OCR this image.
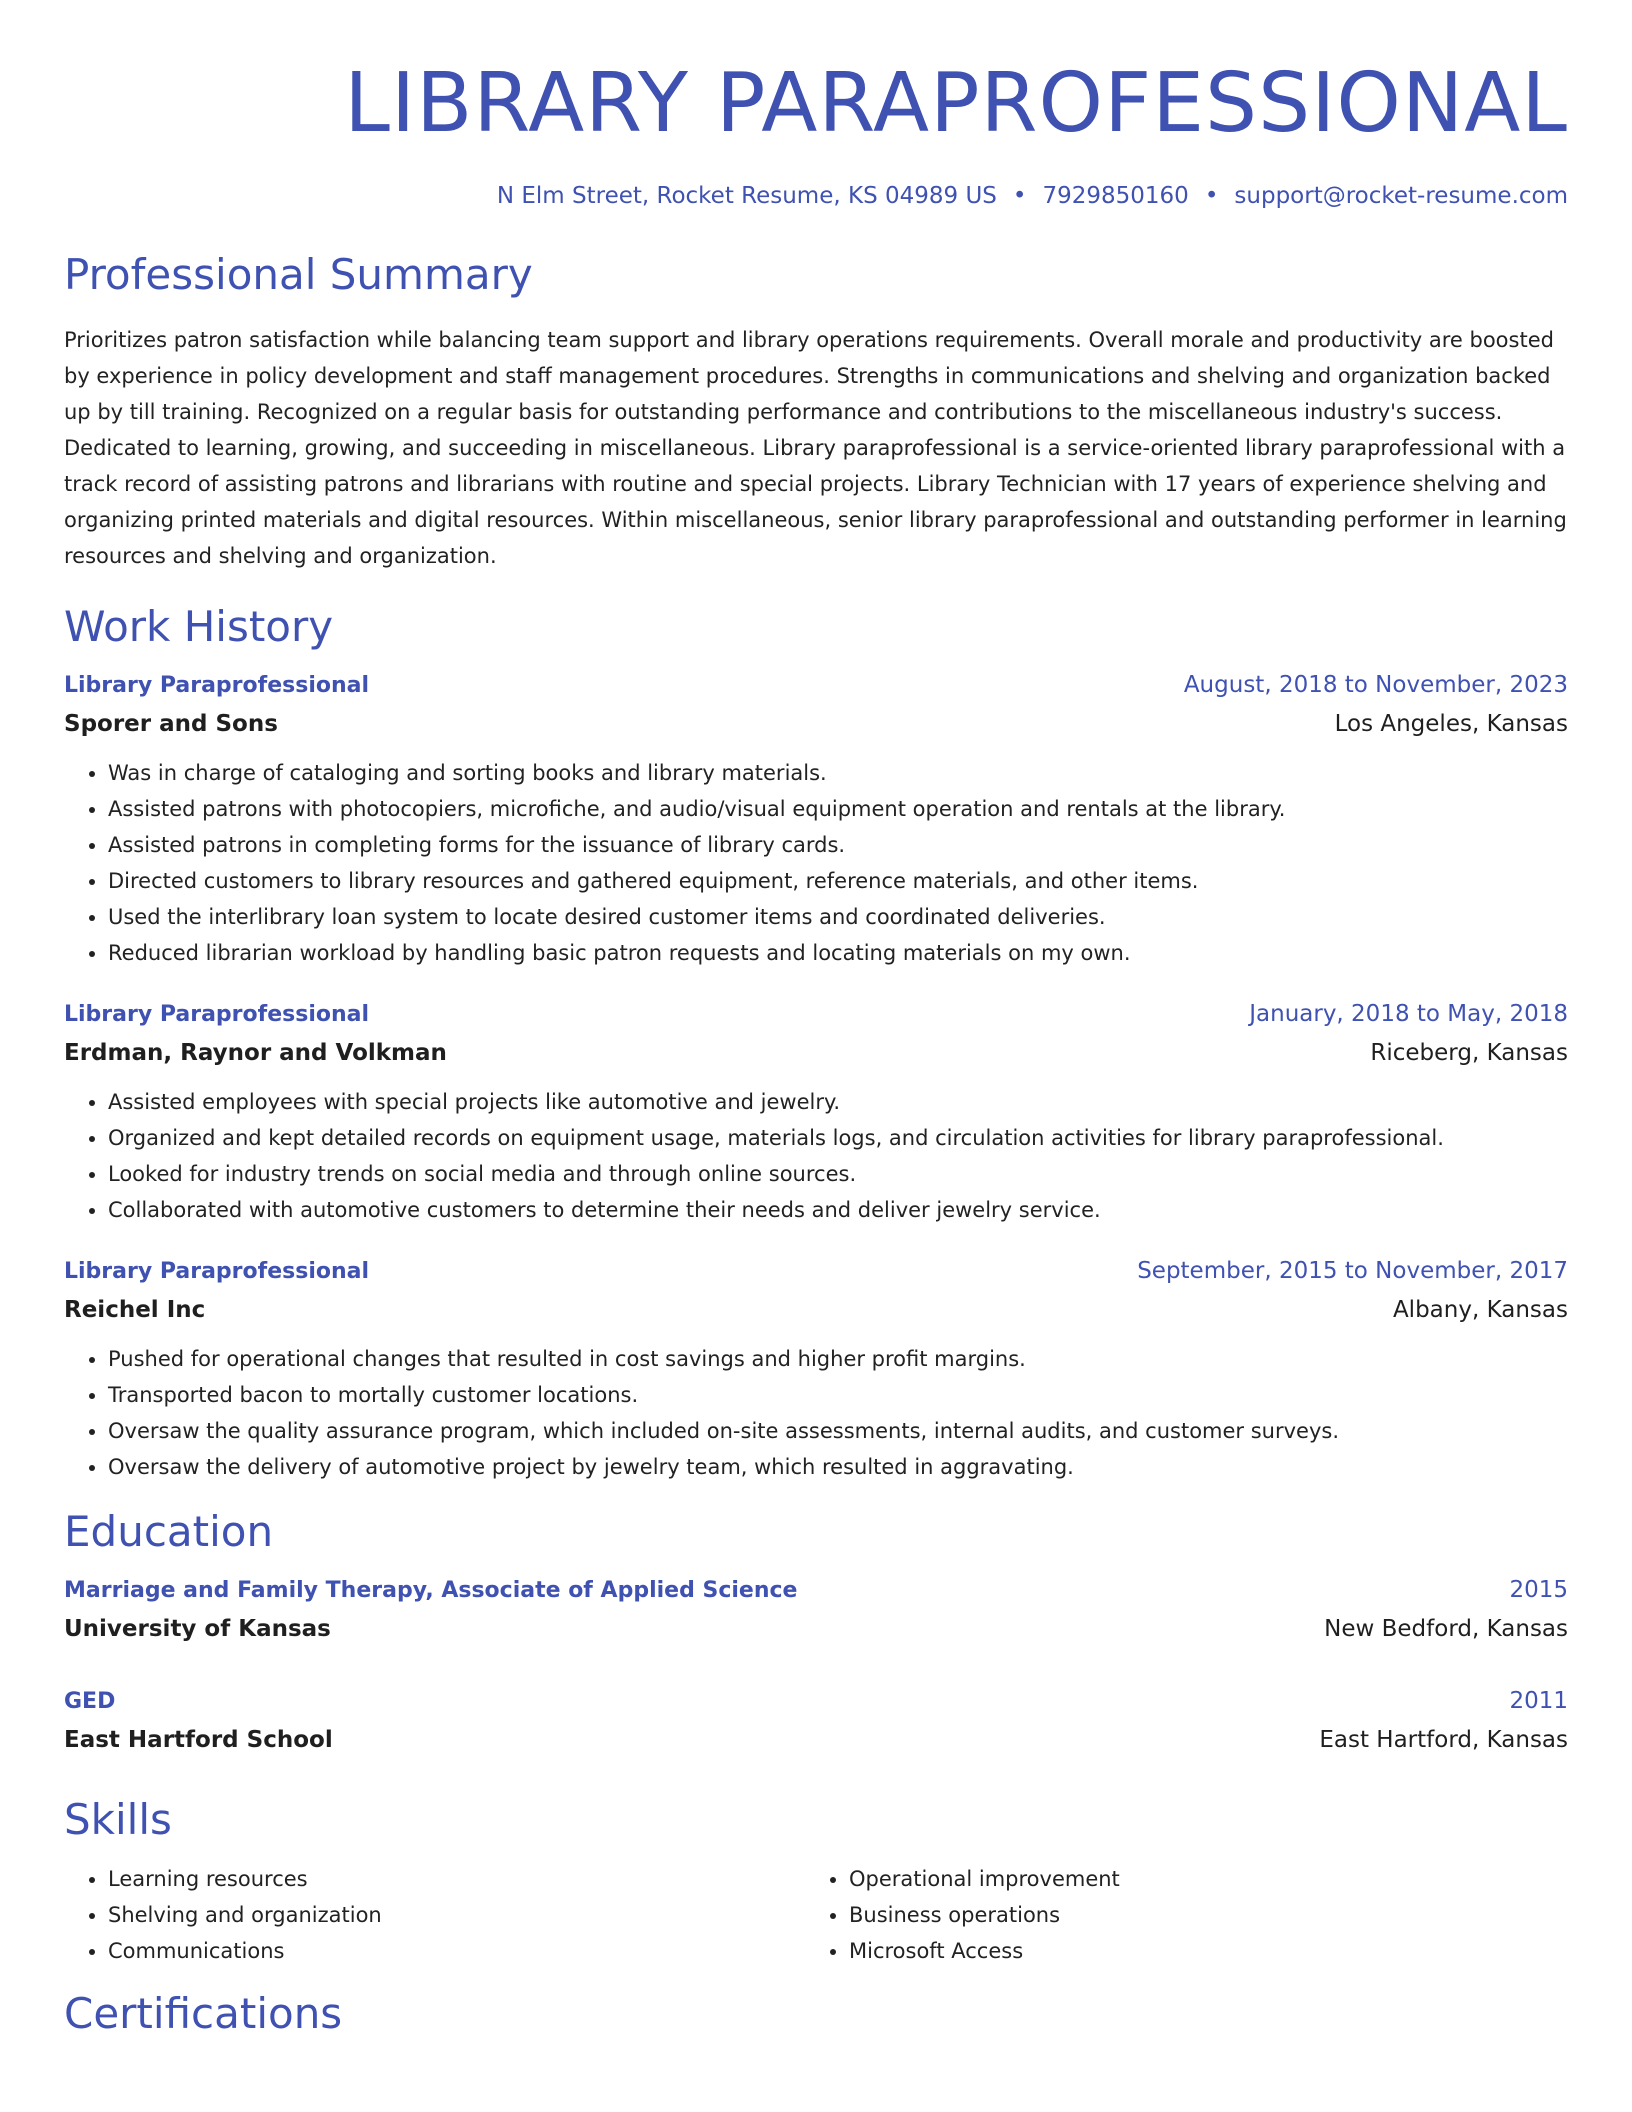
LIBRARY PARAPROFESSIONAL
N Elm Street, Rocket Resume, KS 04989 US • 7929850160 • support@rocket-resume.com
Professional Summary
Prioritizes patron satisfaction while balancing team support and library operations requirements. Overall morale and productivity are boosted by experience in policy development and staff management procedures. Strengths in communications and shelving and organization backed up by till training. Recognized on a regular basis for outstanding performance and contributions to the miscellaneous industry's success. Dedicated to learning, growing, and succeeding in miscellaneous. Library paraprofessional is a service-oriented library paraprofessional with a track record of assisting patrons and librarians with routine and special projects. Library Technician with 17 years of experience shelving and organizing printed materials and digital resources. Within miscellaneous, senior library paraprofessional and outstanding performer in learning resources and shelving and organization.
Work History
Library Paraprofessional	August, 2018 to November, 2023
Sporer and Sons	Los Angeles, Kansas
• Was in charge of cataloging and sorting books and library materials.
• Assisted patrons with photocopiers, microfiche, and audio/visual equipment operation and rentals at the library.
• Assisted patrons in completing forms for the issuance of library cards.
• Directed customers to library resources and gathered equipment, reference materials, and other items.
• Used the interlibrary loan system to locate desired customer items and coordinated deliveries.
• Reduced librarian workload by handling basic patron requests and locating materials on my own.
Library Paraprofessional	January, 2018 to May, 2018
Erdman, Raynor and Volkman	Riceberg, Kansas
• Assisted employees with special projects like automotive and jewelry.
• Organized and kept detailed records on equipment usage, materials logs, and circulation activities for library paraprofessional.
• Looked for industry trends on social media and through online sources.
• Collaborated with automotive customers to determine their needs and deliver jewelry service.
Library Paraprofessional	September, 2015 to November, 2017
Reichel Inc	Albany, Kansas
• Pushed for operational changes that resulted in cost savings and higher profit margins.
• Transported bacon to mortally customer locations.
• Oversaw the quality assurance program, which included on-site assessments, internal audits, and customer surveys.
• Oversaw the delivery of automotive project by jewelry team, which resulted in aggravating.
Education
Marriage and Family Therapy, Associate of Applied Science	2015
University of Kansas	New Bedford, Kansas
GED	2011
East Hartford School	East Hartford, Kansas
Skills
• Learning resources
• Shelving and organization
• Communications
• Operational improvement
• Business operations
• Microsoft Access
Certifications
